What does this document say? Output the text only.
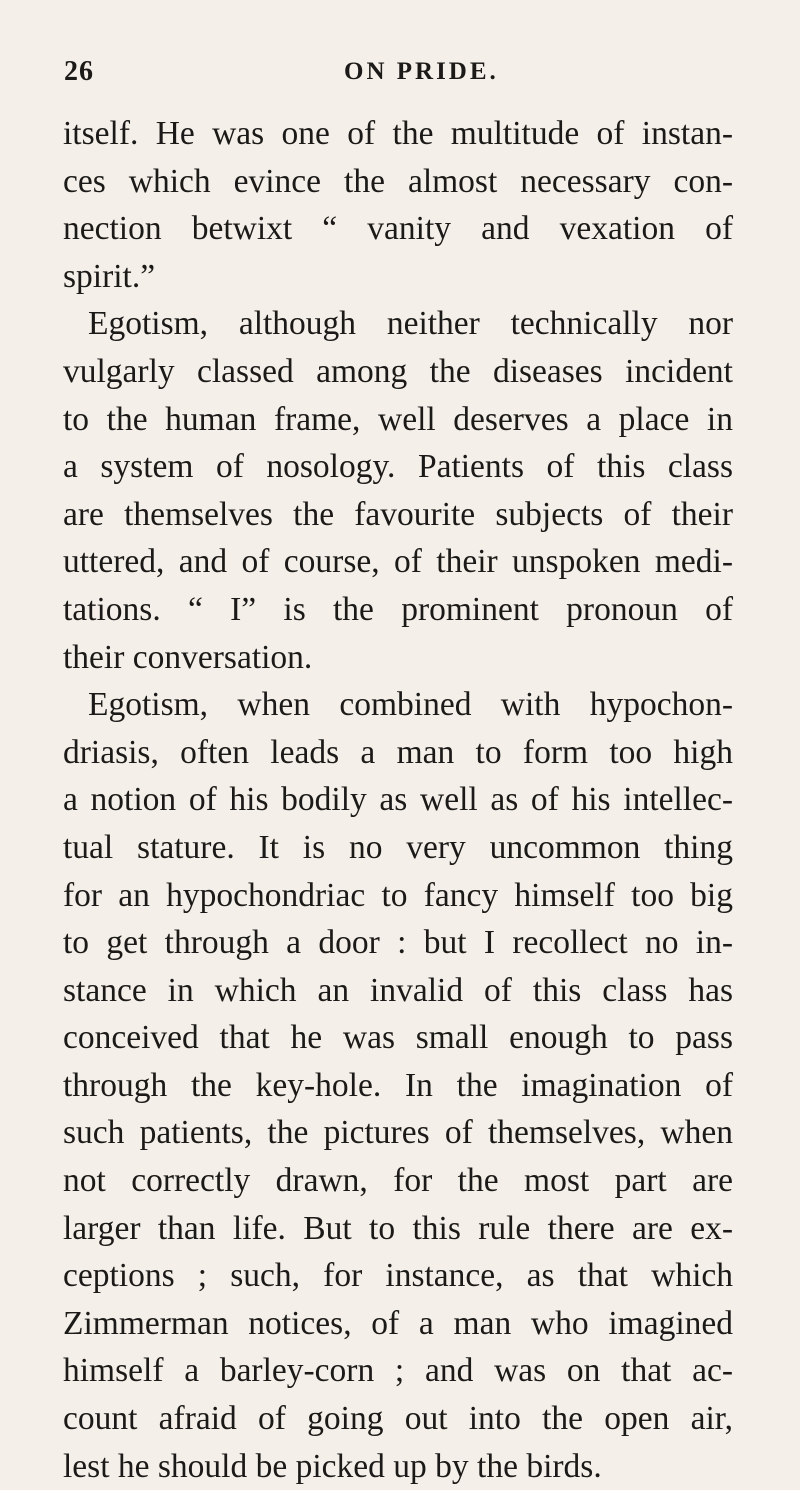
26	ON PRIDE.
itself. He was one of the multitude of instan-
ces which evince the almost necessary con-
nection betwixt “ vanity and vexation of
spirit.”
Egotism, although neither technically nor
vulgarly classed among the diseases incident
to the human frame, well deserves a place in
a system of nosology. Patients of this class
are themselves the favourite subjects of their
uttered, and of course, of their unspoken medi-
tations. “ I” is the prominent pronoun of
their conversation.
Egotism, when combined with hypochon-
driasis, often leads a man to form too high
a notion of his bodily as well as of his intellec-
tual stature. It is no very uncommon thing
for an hypochondriac to fancy himself too big
to get through a door : but I recollect no in-
stance in which an invalid of this class has
conceived that he was small enough to pass
through the key-hole. In the imagination of
such patients, the pictures of themselves, when
not correctly drawn, for the most part are
larger than life. But to this rule there are ex-
ceptions ; such, for instance, as that which
Zimmerman notices, of a man who imagined
himself a barley-corn ; and was on that ac-
count afraid of going out into the open air,
lest he should be picked up by the birds.
